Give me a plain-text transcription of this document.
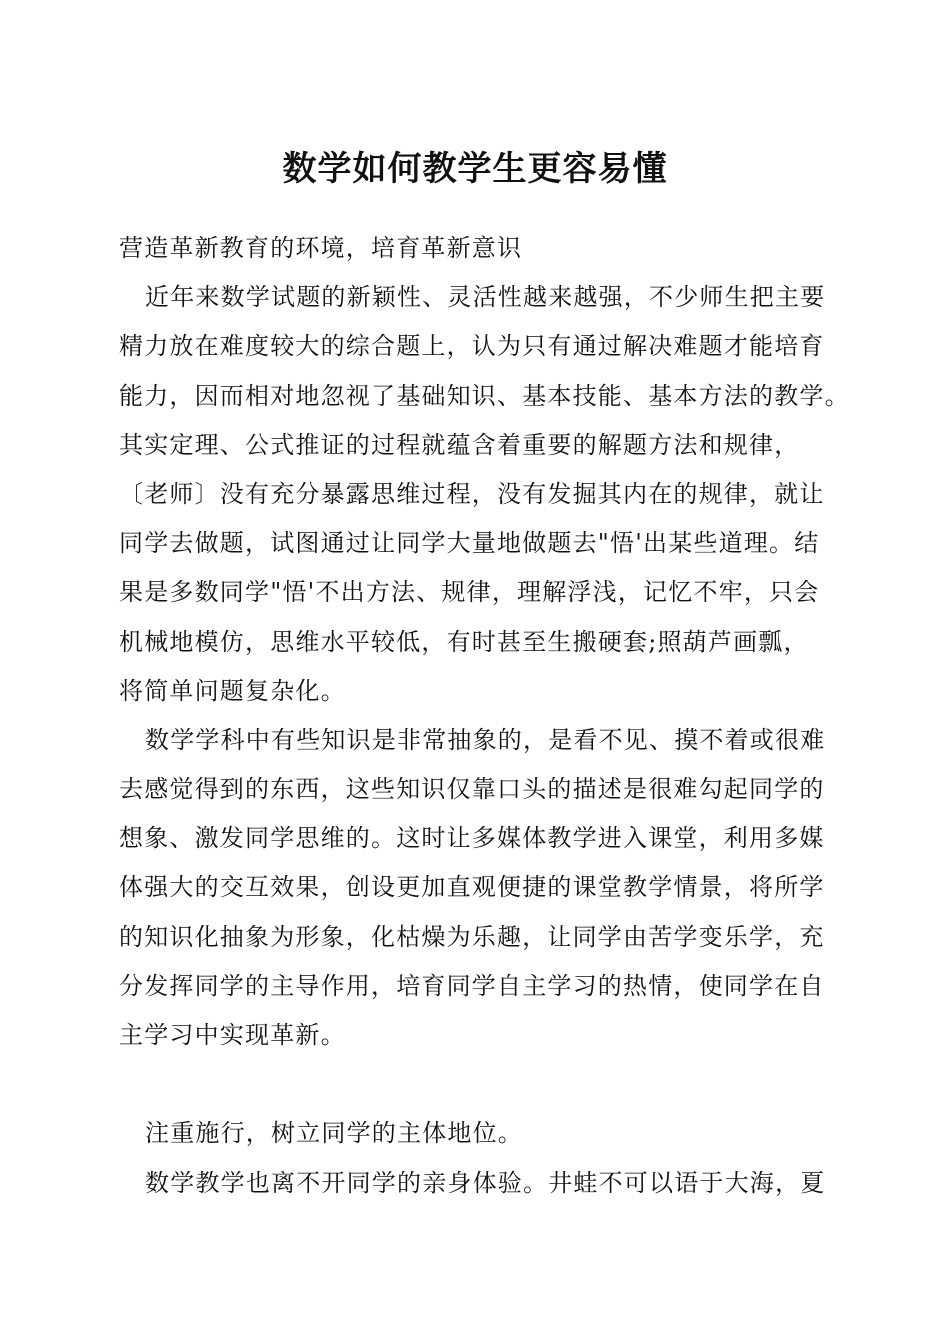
数学如何教学生更容易懂
营造革新教育的环境，培育革新意识
近年来数学试题的新颖性、灵活性越来越强，不少师生把主要
精力放在难度较大的综合题上，认为只有通过解决难题才能培育
能力，因而相对地忽视了基础知识、基本技能、基本方法的教学。
其实定理、公式推证的过程就蕴含着重要的解题方法和规律，
〔老师〕没有充分暴露思维过程，没有发掘其内在的规律，就让
同学去做题，试图通过让同学大量地做题去"悟'出某些道理。结
果是多数同学"悟'不出方法、规律，理解浮浅，记忆不牢，只会
机械地模仿，思维水平较低，有时甚至生搬硬套;照葫芦画瓢，
将简单问题复杂化。
数学学科中有些知识是非常抽象的，是看不见、摸不着或很难
去感觉得到的东西，这些知识仅靠口头的描述是很难勾起同学的
想象、激发同学思维的。这时让多媒体教学进入课堂，利用多媒
体强大的交互效果，创设更加直观便捷的课堂教学情景，将所学
的知识化抽象为形象，化枯燥为乐趣，让同学由苦学变乐学，充
分发挥同学的主导作用，培育同学自主学习的热情，使同学在自
主学习中实现革新。
注重施行，树立同学的主体地位。
数学教学也离不开同学的亲身体验。井蛙不可以语于大海，夏
